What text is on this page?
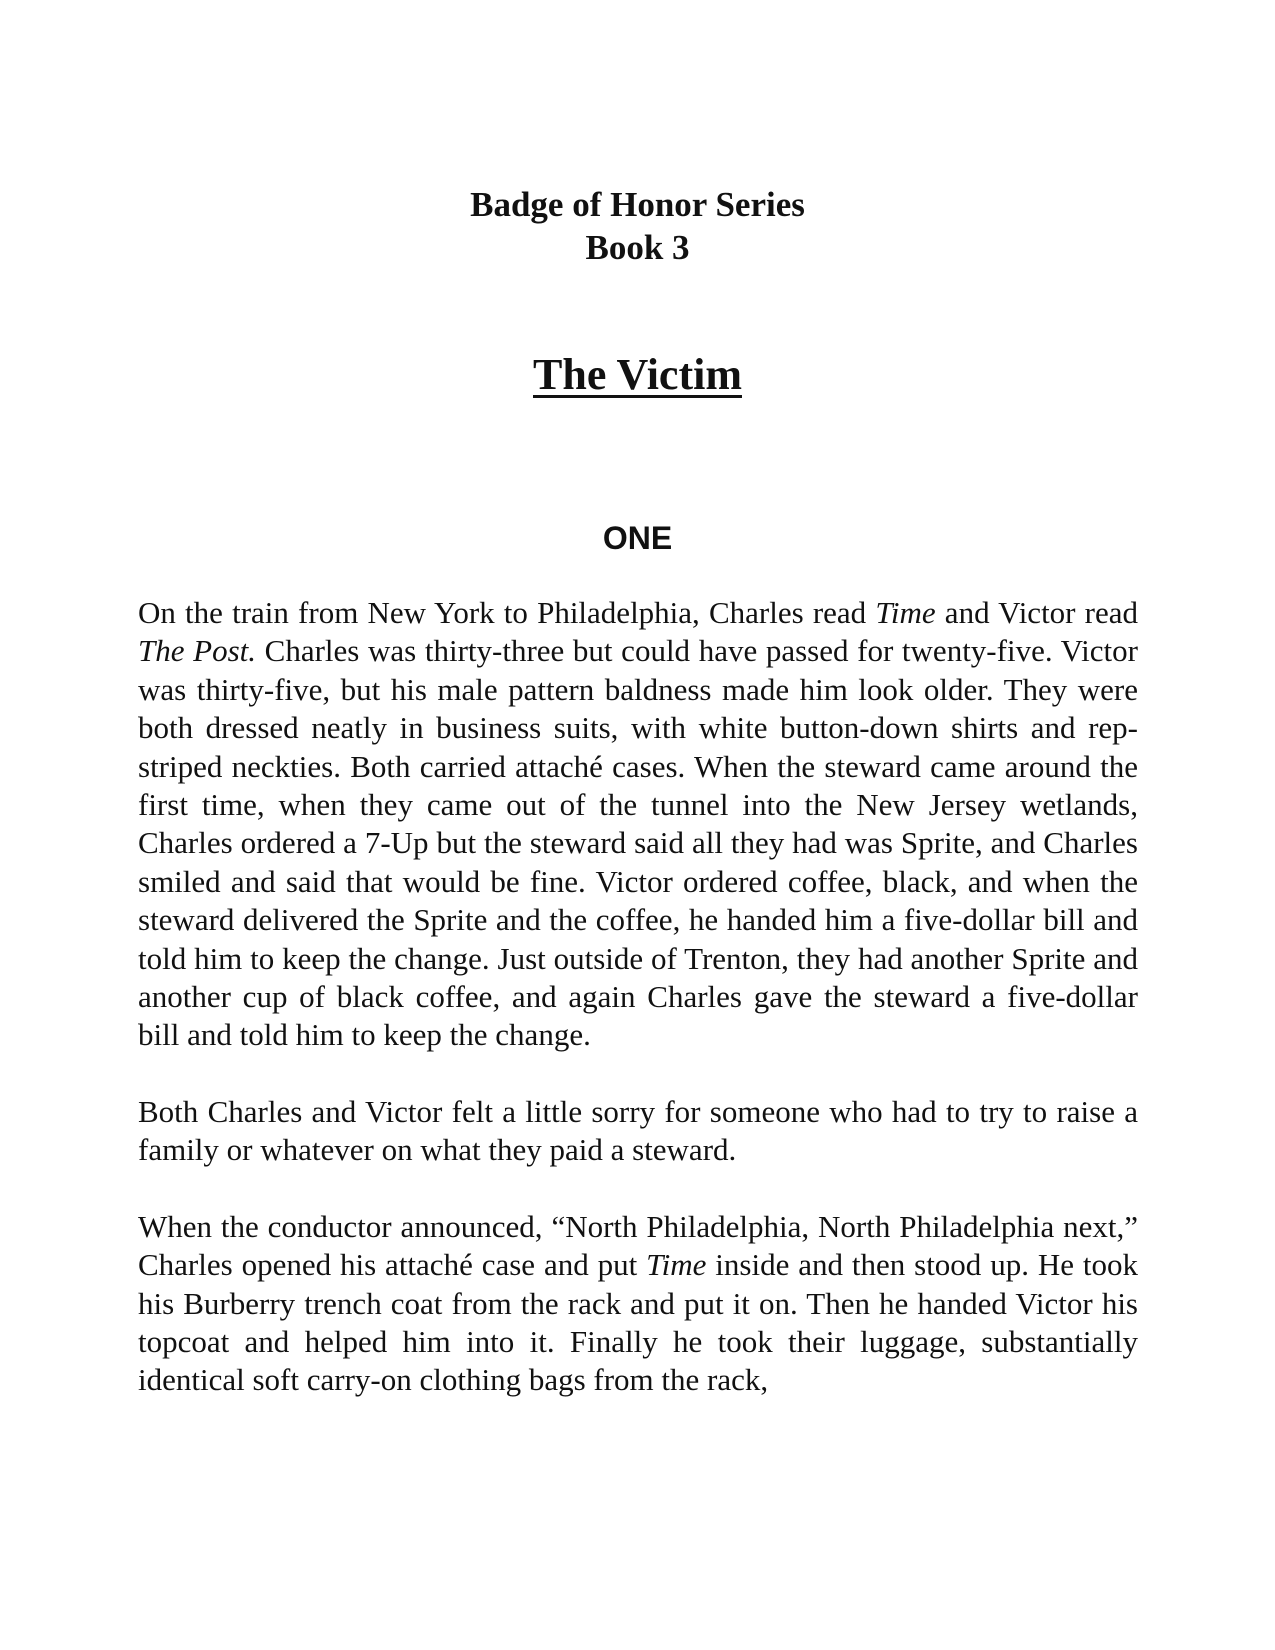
Badge of Honor Series
Book 3
The Victim
ONE

On the train from New York to Philadelphia, Charles read Time and Victor read The Post. Charles was thirty-three but could have passed for twenty-five. Victor was thirty-five, but his male pattern baldness made him look older. They were both dressed neatly in business suits, with white button-down shirts and rep-striped neckties. Both carried attaché cases. When the steward came around the first time, when they came out of the tunnel into the New Jersey wetlands, Charles ordered a 7-Up but the steward said all they had was Sprite, and Charles smiled and said that would be fine. Victor ordered coffee, black, and when the steward delivered the Sprite and the coffee, he handed him a five-dollar bill and told him to keep the change. Just outside of Trenton, they had another Sprite and another cup of black coffee, and again Charles gave the steward a five-dollar bill and told him to keep the change.

Both Charles and Victor felt a little sorry for someone who had to try to raise a family or whatever on what they paid a steward.

When the conductor announced, “North Philadelphia, North Philadelphia next,” Charles opened his attaché case and put Time inside and then stood up. He took his Burberry trench coat from the rack and put it on. Then he handed Victor his topcoat and helped him into it. Finally he took their luggage, substantially identical soft carry-on clothing bags from the rack,
